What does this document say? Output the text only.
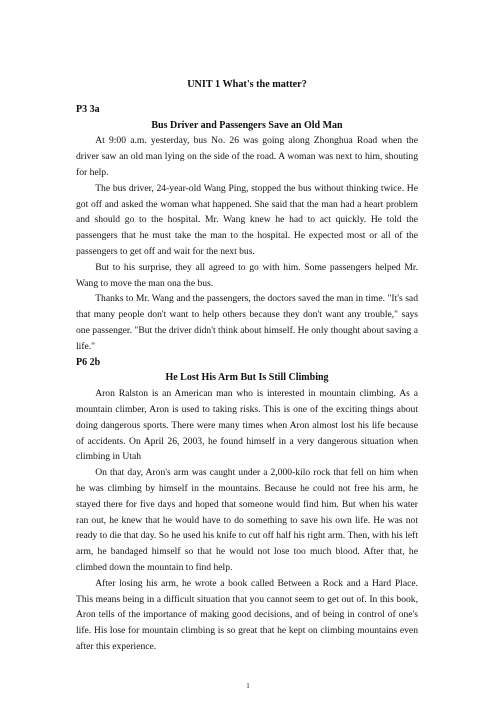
UNIT 1 What's the matter?
P3 3a
Bus Driver and Passengers Save an Old Man

At 9:00 a.m. yesterday, bus No. 26 was going along Zhonghua Road when the driver saw an old man lying on the side of the road. A woman was next to him, shouting for help.

The bus driver, 24-year-old Wang Ping, stopped the bus without thinking twice. He got off and asked the woman what happened. She said that the man had a heart problem and should go to the hospital. Mr. Wang knew he had to act quickly. He told the passengers that he must take the man to the hospital. He expected most or all of the passengers to get off and wait for the next bus.

But to his surprise, they all agreed to go with him. Some passengers helped Mr. Wang to move the man ona the bus.

Thanks to Mr. Wang and the passengers, the doctors saved the man in time. "It's sad that many people don't want to help others because they don't want any trouble," says one passenger. "But the driver didn't think about himself. He only thought about saving a life."

P6 2b
He Lost His Arm But Is Still Climbing

Aron Ralston is an American man who is interested in mountain climbing. As a mountain climber, Aron is used to taking risks. This is one of the exciting things about doing dangerous sports. There were many times when Aron almost lost his life because of accidents. On April 26, 2003, he found himself in a very dangerous situation when climbing in Utah

On that day, Aron's arm was caught under a 2,000-kilo rock that fell on him when he was climbing by himself in the mountains. Because he could not free his arm, he stayed there for five days and hoped that someone would find him. But when his water ran out, he knew that he would have to do something to save his own life. He was not ready to die that day. So he used his knife to cut off half his right arm. Then, with his left arm, he bandaged himself so that he would not lose too much blood. After that, he climbed down the mountain to find help.

After losing his arm, he wrote a book called Between a Rock and a Hard Place. This means being in a difficult situation that you cannot seem to get out of. In this book, Aron tells of the importance of making good decisions, and of being in control of one's life. His lose for mountain climbing is so great that he kept on climbing mountains even after this experience.

1
